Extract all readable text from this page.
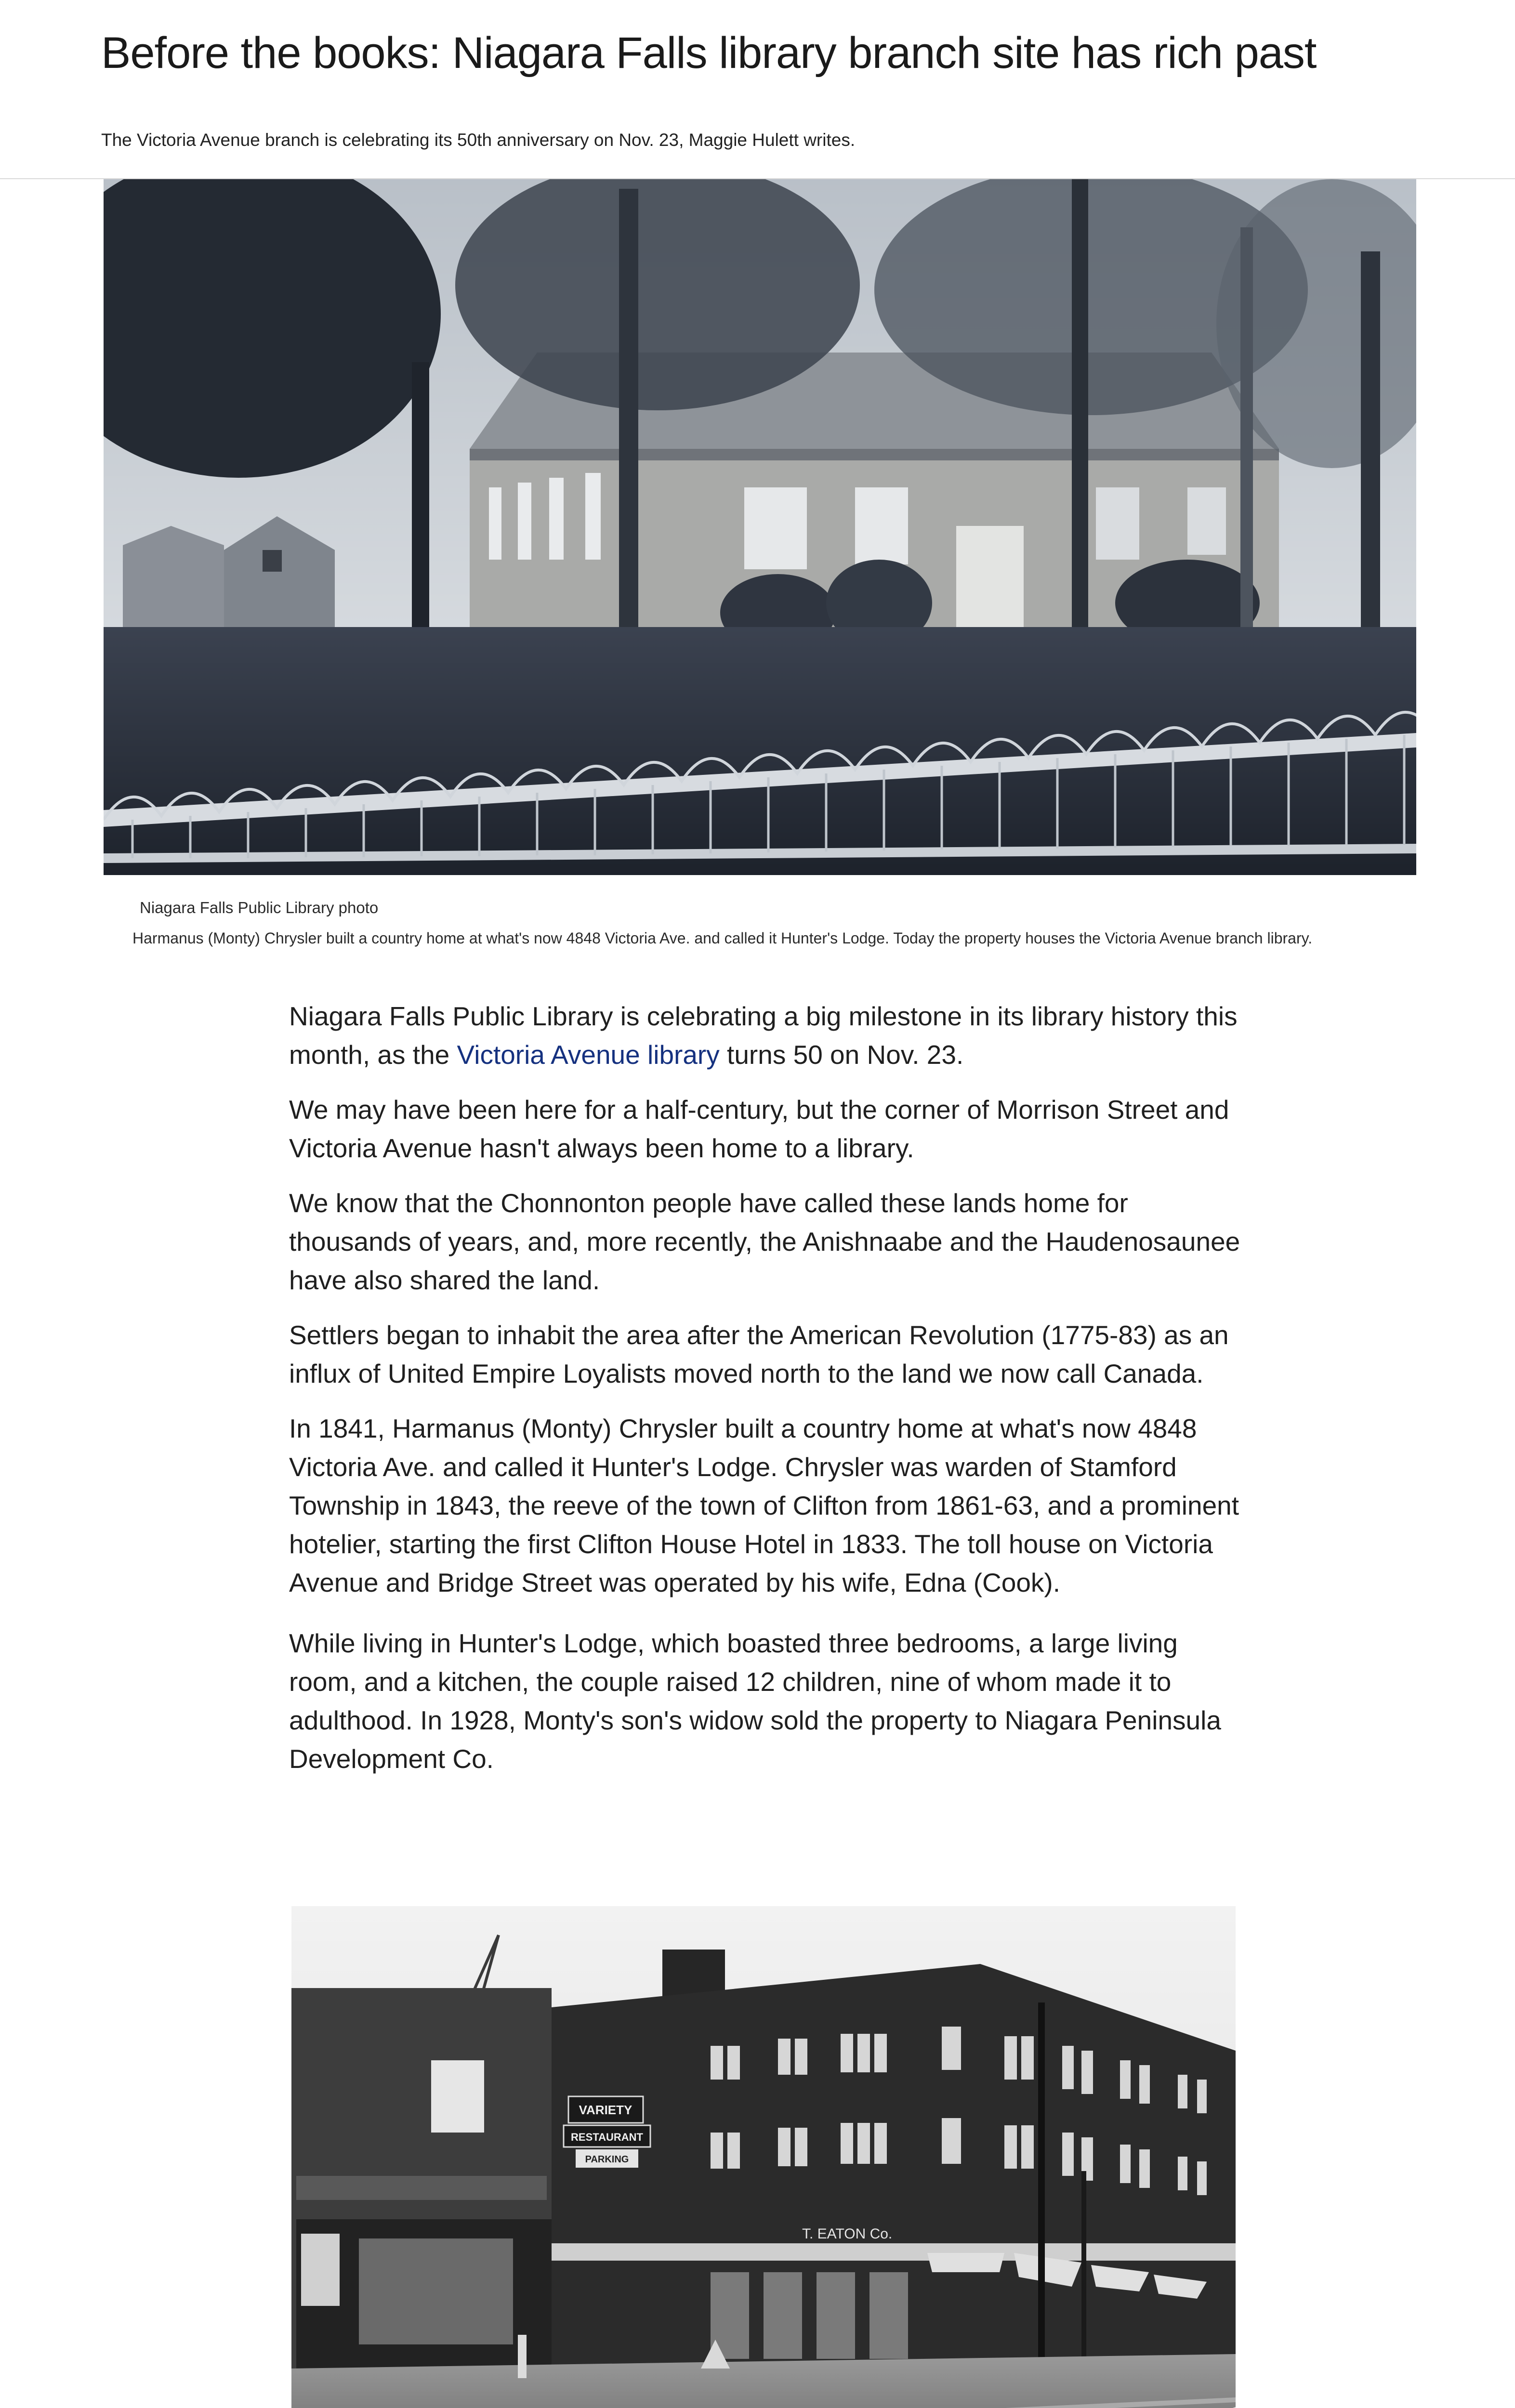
Before the books: Niagara Falls library branch site has rich past
The Victoria Avenue branch is celebrating its 50th anniversary on Nov. 23, Maggie Hulett writes.
Niagara Falls Public Library photo
Harmanus (Monty) Chrysler built a country home at what's now 4848 Victoria Ave. and called it Hunter's Lodge. Today the property houses the Victoria Avenue branch library.

Niagara Falls Public Library is celebrating a big milestone in its library history this month, as the Victoria Avenue library turns 50 on Nov. 23.

We may have been here for a half-century, but the corner of Morrison Street and Victoria Avenue hasn't always been home to a library.

We know that the Chonnonton people have called these lands home for thousands of years, and, more recently, the Anishnaabe and the Haudenosaunee have also shared the land.

Settlers began to inhabit the area after the American Revolution (1775-83) as an influx of United Empire Loyalists moved north to the land we now call Canada.

In 1841, Harmanus (Monty) Chrysler built a country home at what's now 4848 Victoria Ave. and called it Hunter's Lodge. Chrysler was warden of Stamford Township in 1843, the reeve of the town of Clifton from 1861-63, and a prominent hotelier, starting the first Clifton House Hotel in 1833. The toll house on Victoria Avenue and Bridge Street was operated by his wife, Edna (Cook).

While living in Hunter's Lodge, which boasted three bedrooms, a large living room, and a kitchen, the couple raised 12 children, nine of whom made it to adulthood. In 1928, Monty's son's widow sold the property to Niagara Peninsula Development Co.

VARIETY
RESTAURANT
PARKING
T. EATON Co.
